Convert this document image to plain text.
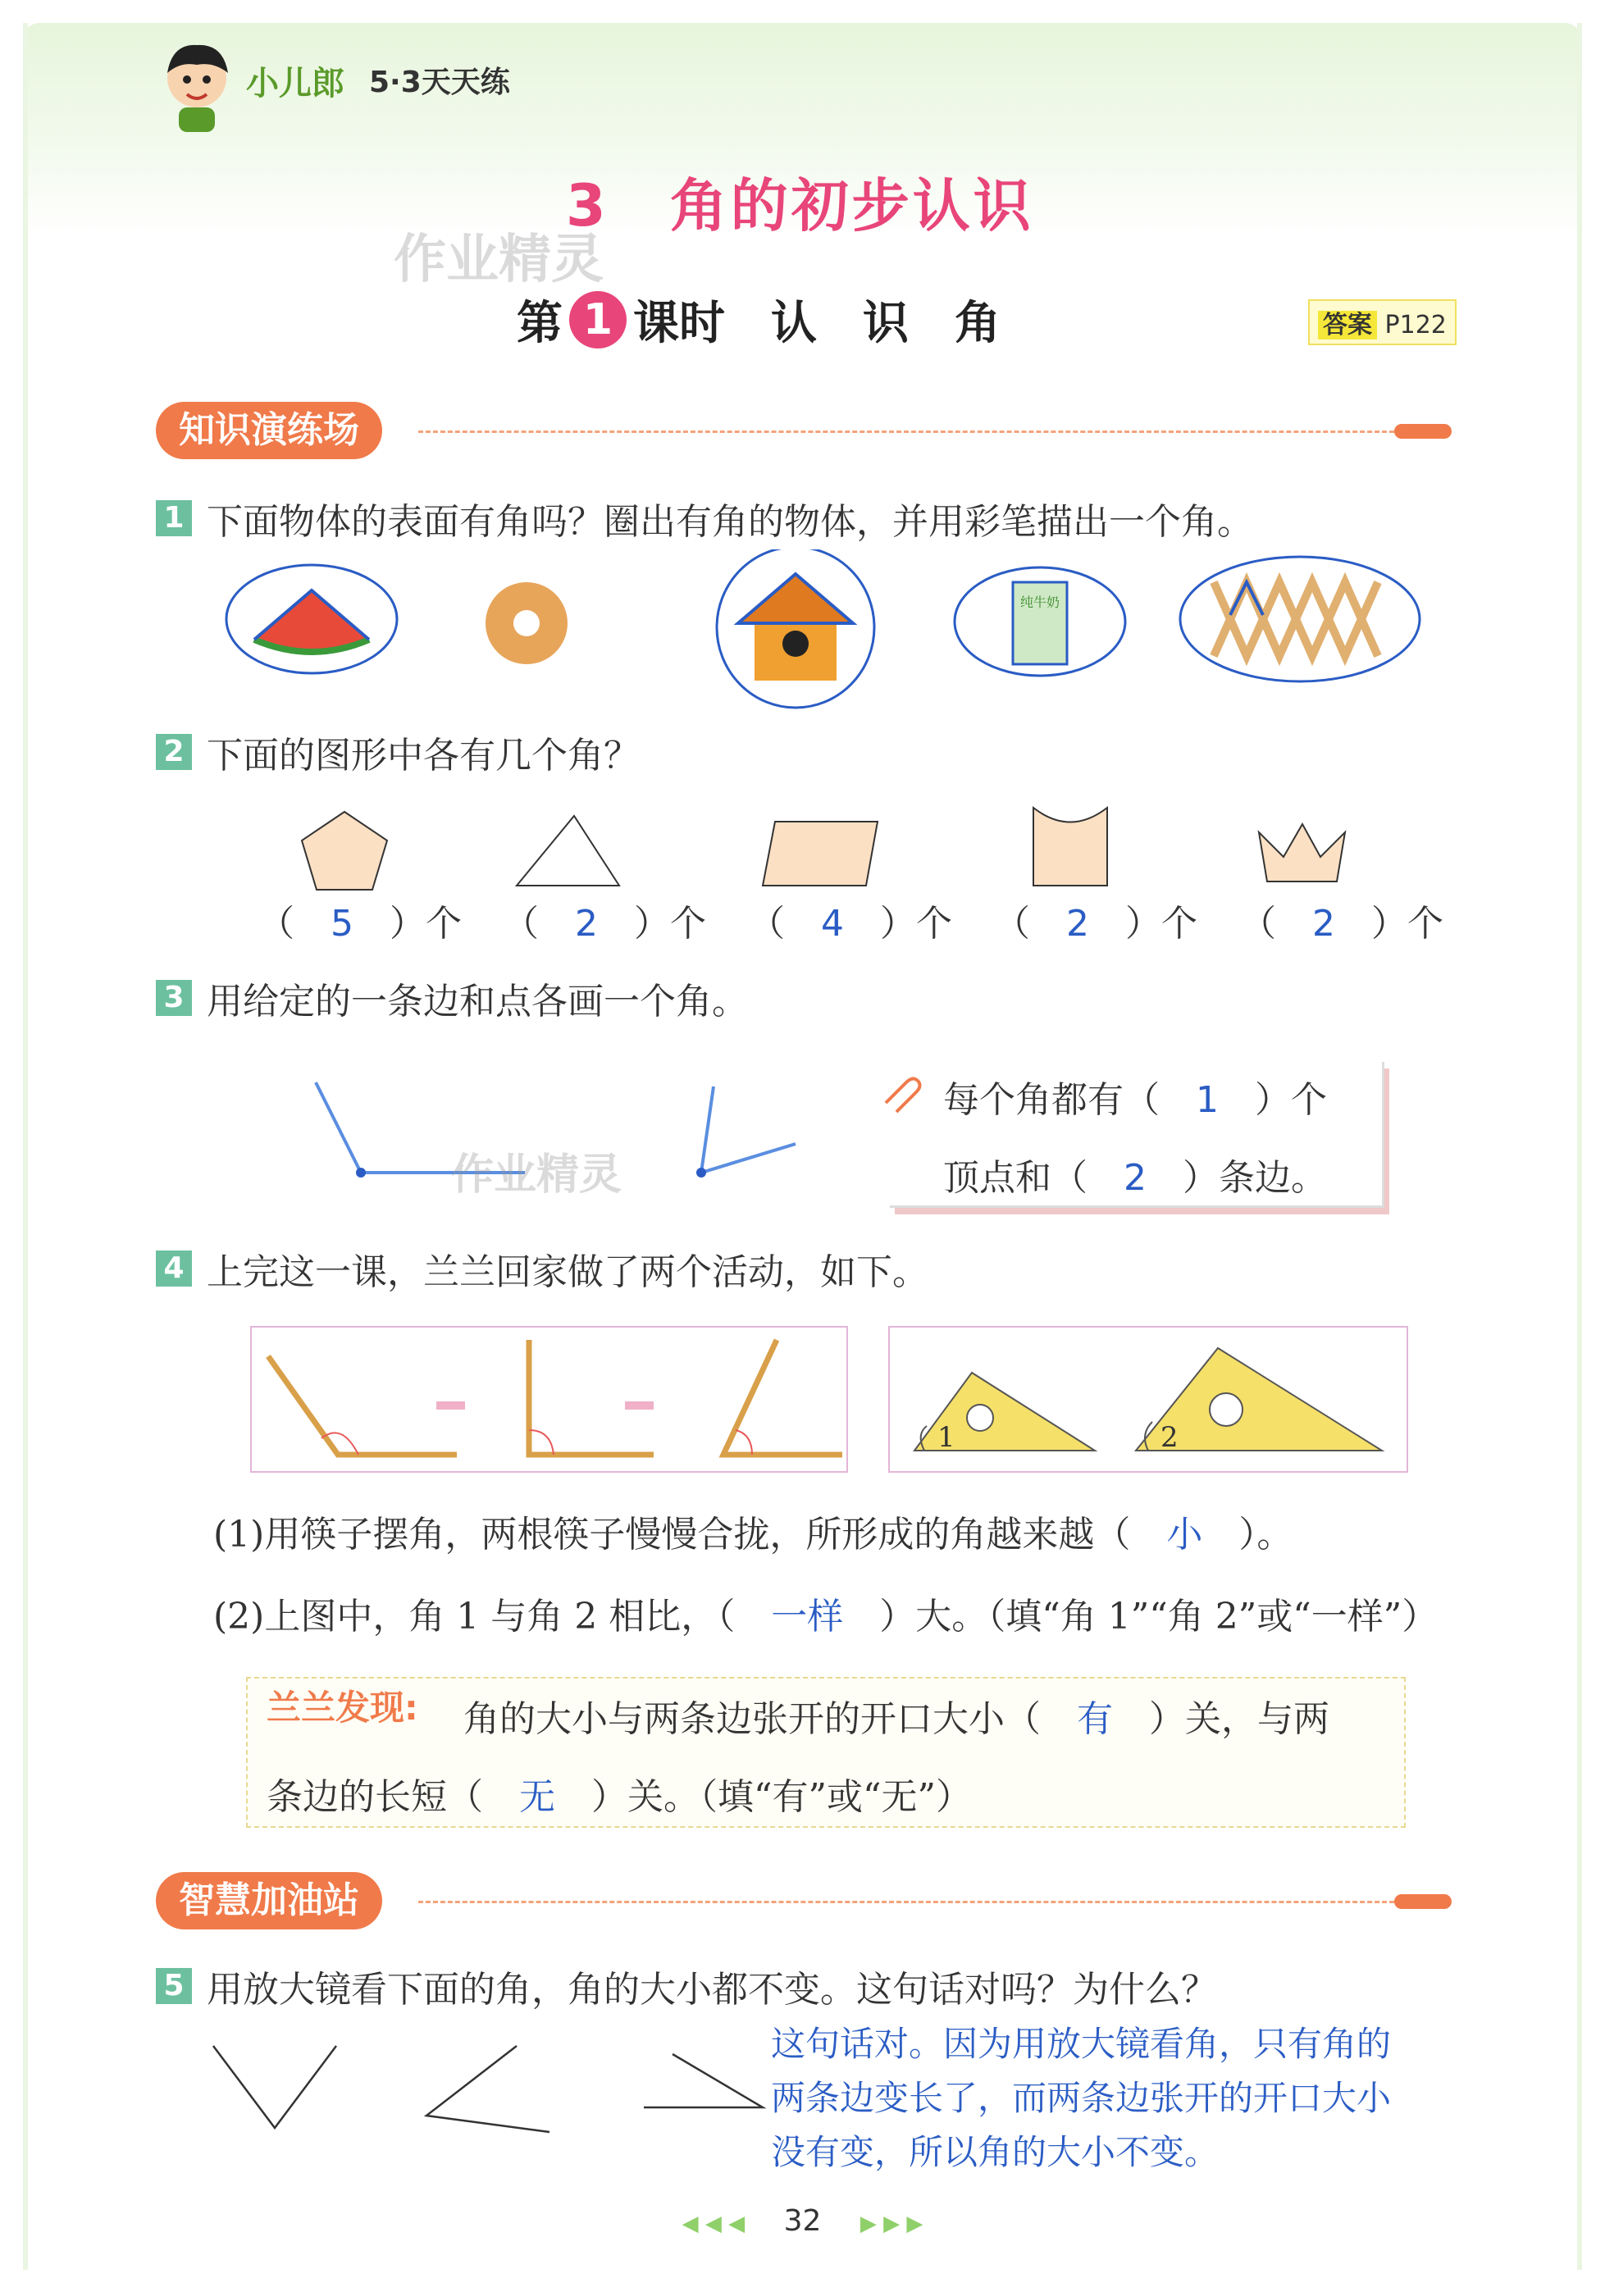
小儿郎 5·3天天练
3　角的初步认识
作业精灵
第 1 课时　认　识　角	答案 P122
知识演练场
1 下面物体的表面有角吗？圈出有角的物体，并用彩笔描出一个角。
纯牛奶
2 下面的图形中各有几个角？
（　5　）个 （　2　）个 （　4　）个 （　2　）个 （　2　）个
3 用给定的一条边和点各画一个角。
作业精灵
每个角都有（　 1　 ）个
顶点和（　 2　 ）条边。
4 上完这一课，兰兰回家做了两个活动，如下。
1	2
(1)用筷子摆角，两根筷子慢慢合拢，所形成的角越来越（　 小　 ）。
(2)上图中，角 1 与角 2 相比，（　 一样　 ）大。（填“角 1”“角 2”或“一样”）
兰兰发现: 角的大小与两条边张开的开口大小（　 有　 ）关，与两
条边的长短（　 无　 ）关。（填“有”或“无”）
智慧加油站
5 用放大镜看下面的角，角的大小都不变。这句话对吗？为什么？
这句话对。因为用放大镜看角，只有角的
两条边变长了，而两条边张开的开口大小
没有变，所以角的大小不变。
◀ ◀ ◀　 32　 ▶ ▶ ▶
